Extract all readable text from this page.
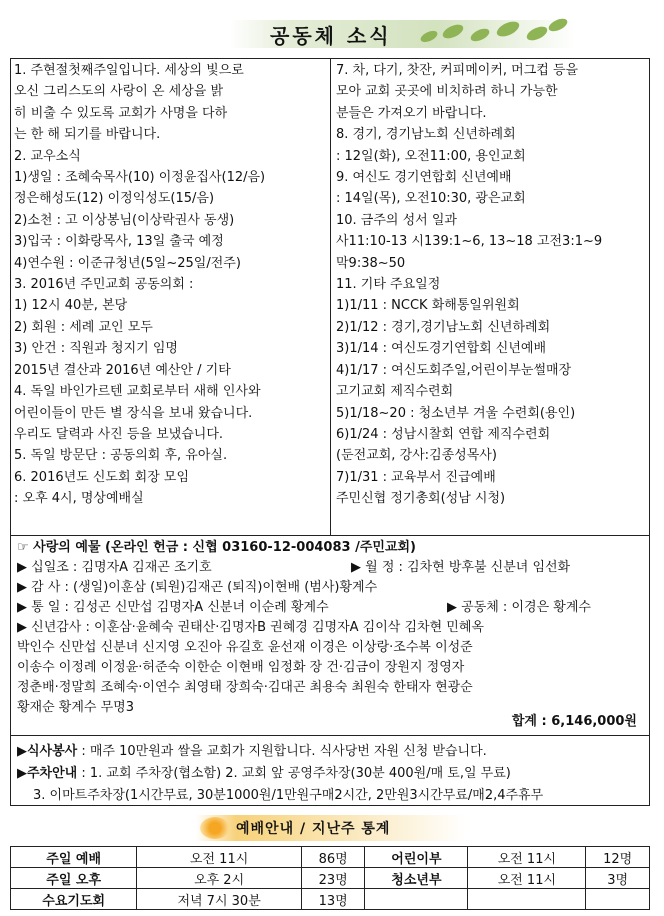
공동체 소식
1. 주현절첫째주일입니다. 세상의 빛으로
오신 그리스도의 사랑이 온 세상을 밝
히 비출 수 있도록 교회가 사명을 다하
는 한 해 되기를 바랍니다.
2. 교우소식
1)생일 : 조혜숙목사(10) 이정윤집사(12/음)
정은해성도(12) 이정익성도(15/음)
2)소천 : 고 이상봉님(이상락권사 동생)
3)입국 : 이화랑목사, 13일 출국 예정
4)연수원 : 이준규청년(5일~25일/전주)
3. 2016년 주민교회 공동의회 :
1) 12시 40분, 본당
2) 회원 : 세례 교인 모두
3) 안건 : 직원과 청지기 임명
2015년 결산과 2016년 예산안 / 기타
4. 독일 바인가르텐 교회로부터 새해 인사와
어린이들이 만든 별 장식을 보내 왔습니다.
우리도 달력과 사진 등을 보냈습니다.
5. 독일 방문단 : 공동의회 후, 유아실.
6. 2016년도 신도회 회장 모임
: 오후 4시, 명상예배실
7. 차, 다기, 찻잔, 커피메이커, 머그컵 등을
모아 교회 곳곳에 비치하려 하니 가능한
분들은 가져오기 바랍니다.
8. 경기, 경기남노회 신년하례회
: 12일(화), 오전11:00, 용인교회
9. 여신도 경기연합회 신년예배
: 14일(목), 오전10:30, 광은교회
10. 금주의 성서 일과
사11:10-13 시139:1~6, 13~18 고전3:1~9
막9:38~50
11. 기타 주요일정
1)1/11 : NCCK 화해통일위원회
2)1/12 : 경기,경기남노회 신년하례회
3)1/14 : 여신도경기연합회 신년예배
4)1/17 : 여신도회주일,어린이부눈썰매장
고기교회 제직수련회
5)1/18~20 : 청소년부 겨울 수련회(용인)
6)1/24 : 성남시찰회 연합 제직수련회
(둔전교회, 강사:김종성목사)
7)1/31 : 교육부서 진급예배
주민신협 정기총회(성남 시청)
☞ 사랑의 예물 (온라인 헌금 : 신협 03160-12-004083 /주민교회)
▶ 십일조 : 김명자A 김재곤 조기호	▶ 월 정 : 김차현 방후불 신분녀 임선화
▶ 감 사 : (생일)이훈삼 (퇴원)김재곤 (퇴직)이현배 (범사)황계수
▶ 통 일 : 김성곤 신만섭 김명자A 신분녀 이순례 황계수	▶ 공동체 : 이경은 황계수
▶ 신년감사 : 이훈삼·윤혜숙 권태산·김명자B 권혜경 김명자A 김이삭 김차현 민혜옥
박인수 신만섭 신분녀 신지영 오진아 유길호 윤선재 이경은 이상랑·조수복 이성준
이송수 이정례 이정윤·허준숙 이한순 이현배 임정화 장 건·김금이 장원지 정영자
정춘배·정말희 조혜숙·이연수 최영태 장희숙·김대곤 최용숙 최원숙 한태자 현광순
황재순 황계수 무명3
합계 : 6,146,000원
▶식사봉사 : 매주 10만원과 쌀을 교회가 지원합니다. 식사당번 자원 신청 받습니다.
▶주차안내 : 1. 교회 주차장(협소함) 2. 교회 앞 공영주차장(30분 400원/매 토,일 무료)
3. 이마트주차장(1시간무료, 30분1000원/1만원구매2시간, 2만원3시간무료/매2,4주휴무
예배안내 / 지난주 통계
주일 예배	오전 11시	86명	어린이부	오전 11시	12명
주일 오후	오후 2시	23명	청소년부	오전 11시	3명
수요기도회	저녁 7시 30분	13명			
